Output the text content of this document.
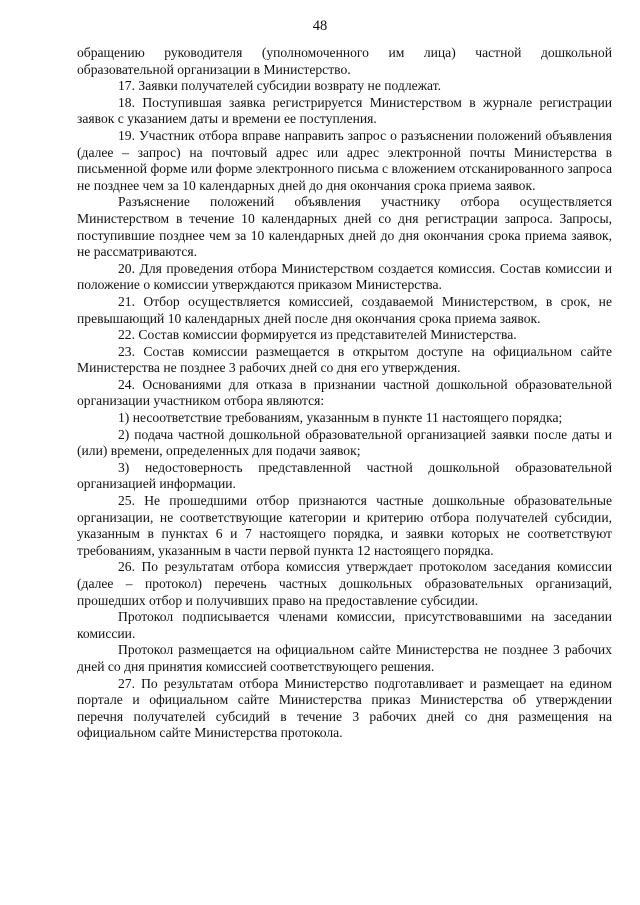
48

обращению руководителя (уполномоченного им лица) частной дошкольной образовательной организации в Министерство.

17. Заявки получателей субсидии возврату не подлежат.

18. Поступившая заявка регистрируется Министерством в журнале регистрации заявок с указанием даты и времени ее поступления.

19. Участник отбора вправе направить запрос о разъяснении положений объявления (далее – запрос) на почтовый адрес или адрес электронной почты Министерства в письменной форме или форме электронного письма с вложением отсканированного запроса не позднее чем за 10 календарных дней до дня окончания срока приема заявок.

Разъяснение положений объявления участнику отбора осуществляется Министерством в течение 10 календарных дней со дня регистрации запроса. Запросы, поступившие позднее чем за 10 календарных дней до дня окончания срока приема заявок, не рассматриваются.

20. Для проведения отбора Министерством создается комиссия. Состав комиссии и положение о комиссии утверждаются приказом Министерства.

21. Отбор осуществляется комиссией, создаваемой Министерством, в срок, не превышающий 10 календарных дней после дня окончания срока приема заявок.

22. Состав комиссии формируется из представителей Министерства.

23. Состав комиссии размещается в открытом доступе на официальном сайте Министерства не позднее 3 рабочих дней со дня его утверждения.

24. Основаниями для отказа в признании частной дошкольной образовательной организации участником отбора являются:

1) несоответствие требованиям, указанным в пункте 11 настоящего порядка;

2) подача частной дошкольной образовательной организацией заявки после даты и (или) времени, определенных для подачи заявок;

3) недостоверность представленной частной дошкольной образовательной организацией информации.

25. Не прошедшими отбор признаются частные дошкольные образовательные организации, не соответствующие категории и критерию отбора получателей субсидии, указанным в пунктах 6 и 7 настоящего порядка, и заявки которых не соответствуют требованиям, указанным в части первой пункта 12 настоящего порядка.

26. По результатам отбора комиссия утверждает протоколом заседания комиссии (далее – протокол) перечень частных дошкольных образовательных организаций, прошедших отбор и получивших право на предоставление субсидии.

Протокол подписывается членами комиссии, присутствовавшими на заседании комиссии.

Протокол размещается на официальном сайте Министерства не позднее 3 рабочих дней со дня принятия комиссией соответствующего решения.

27. По результатам отбора Министерство подготавливает и размещает на едином портале и официальном сайте Министерства приказ Министерства об утверждении перечня получателей субсидий в течение 3 рабочих дней со дня размещения на официальном сайте Министерства протокола.
